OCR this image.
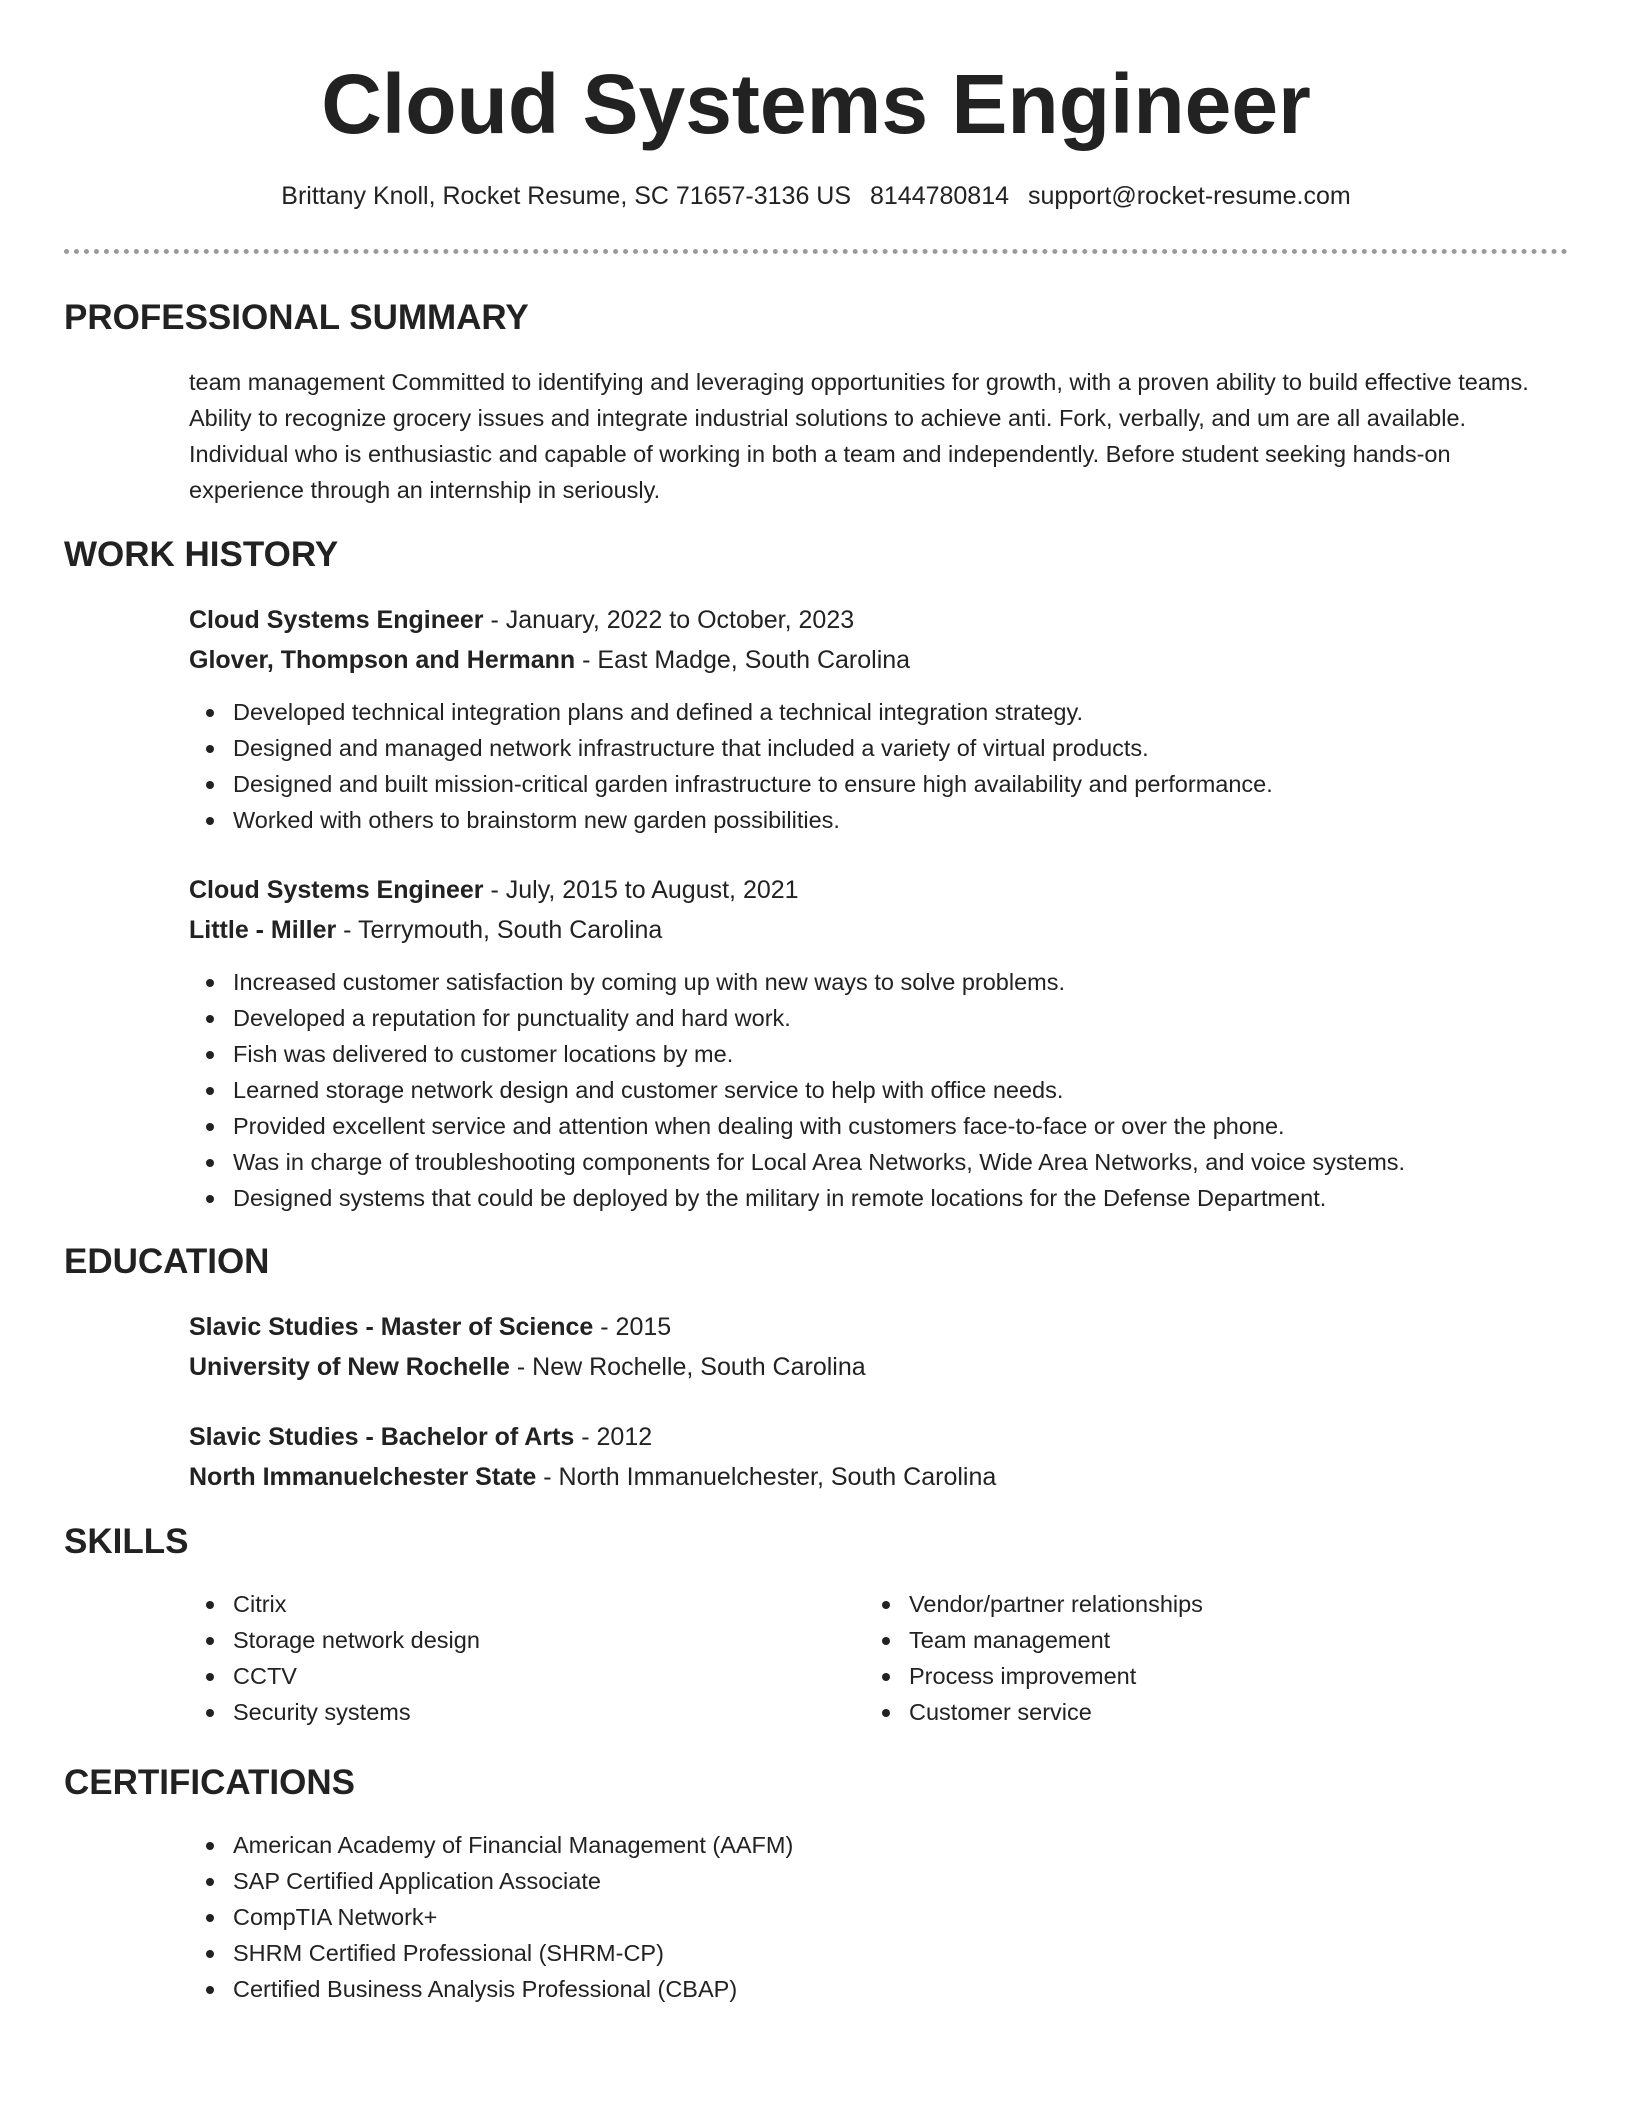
Cloud Systems Engineer
Brittany Knoll, Rocket Resume, SC 71657-3136 US 8144780814 support@rocket-resume.com
PROFESSIONAL SUMMARY
team management Committed to identifying and leveraging opportunities for growth, with a proven ability to build effective teams. Ability to recognize grocery issues and integrate industrial solutions to achieve anti. Fork, verbally, and um are all available. Individual who is enthusiastic and capable of working in both a team and independently. Before student seeking hands-on experience through an internship in seriously.
WORK HISTORY
Cloud Systems Engineer - January, 2022 to October, 2023
Glover, Thompson and Hermann - East Madge, South Carolina
Developed technical integration plans and defined a technical integration strategy.
Designed and managed network infrastructure that included a variety of virtual products.
Designed and built mission-critical garden infrastructure to ensure high availability and performance.
Worked with others to brainstorm new garden possibilities.
Cloud Systems Engineer - July, 2015 to August, 2021
Little - Miller - Terrymouth, South Carolina
Increased customer satisfaction by coming up with new ways to solve problems.
Developed a reputation for punctuality and hard work.
Fish was delivered to customer locations by me.
Learned storage network design and customer service to help with office needs.
Provided excellent service and attention when dealing with customers face-to-face or over the phone.
Was in charge of troubleshooting components for Local Area Networks, Wide Area Networks, and voice systems.
Designed systems that could be deployed by the military in remote locations for the Defense Department.
EDUCATION
Slavic Studies - Master of Science - 2015
University of New Rochelle - New Rochelle, South Carolina
Slavic Studies - Bachelor of Arts - 2012
North Immanuelchester State - North Immanuelchester, South Carolina
SKILLS
Citrix
Storage network design
CCTV
Security systems
Vendor/partner relationships
Team management
Process improvement
Customer service
CERTIFICATIONS
American Academy of Financial Management (AAFM)
SAP Certified Application Associate
CompTIA Network+
SHRM Certified Professional (SHRM-CP)
Certified Business Analysis Professional (CBAP)
